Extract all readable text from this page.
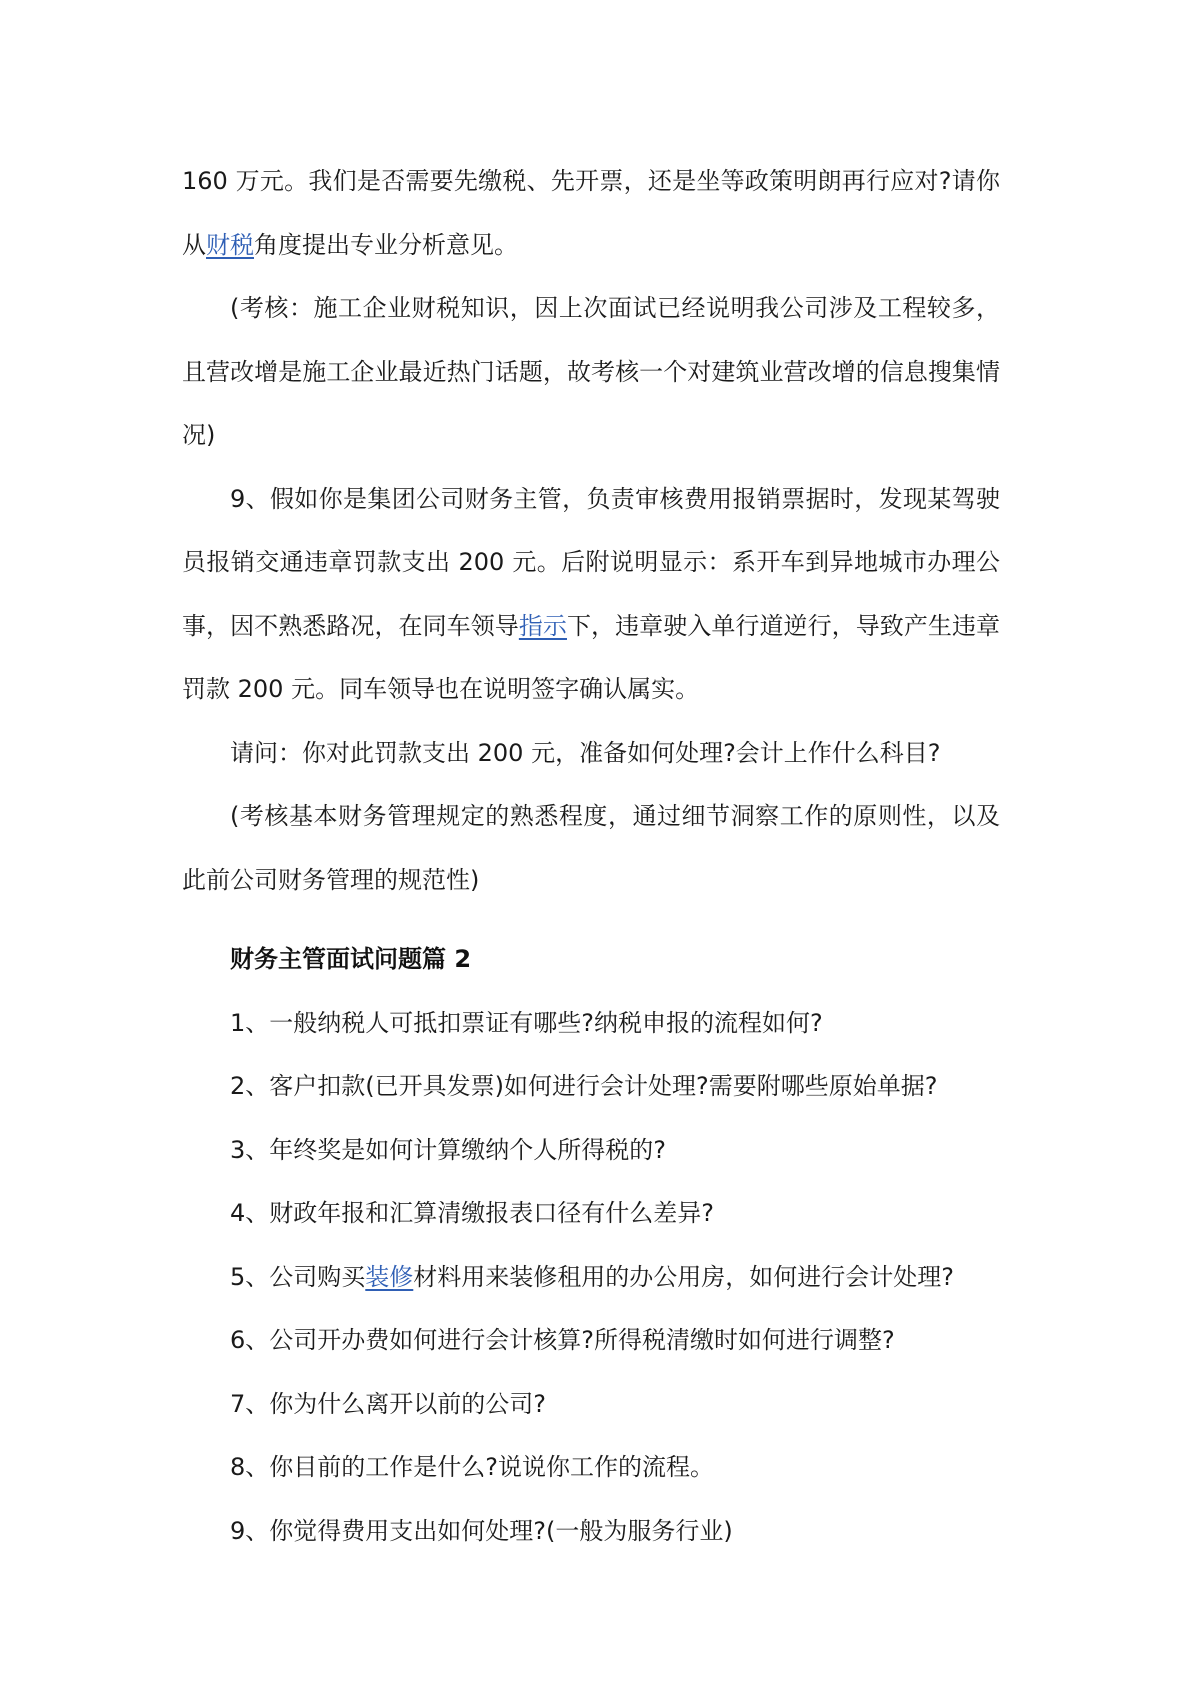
160 万元。我们是否需要先缴税、先开票，还是坐等政策明朗再行应对?请你从财税角度提出专业分析意见。

(考核：施工企业财税知识，因上次面试已经说明我公司涉及工程较多，且营改增是施工企业最近热门话题，故考核一个对建筑业营改增的信息搜集情况)

9、假如你是集团公司财务主管，负责审核费用报销票据时，发现某驾驶员报销交通违章罚款支出 200 元。后附说明显示：系开车到异地城市办理公事，因不熟悉路况，在同车领导指示下，违章驶入单行道逆行，导致产生违章罚款 200 元。同车领导也在说明签字确认属实。

请问：你对此罚款支出 200 元，准备如何处理?会计上作什么科目?

(考核基本财务管理规定的熟悉程度，通过细节洞察工作的原则性，以及此前公司财务管理的规范性)

财务主管面试问题篇 2

1、一般纳税人可抵扣票证有哪些?纳税申报的流程如何?

2、客户扣款(已开具发票)如何进行会计处理?需要附哪些原始单据?

3、年终奖是如何计算缴纳个人所得税的?

4、财政年报和汇算清缴报表口径有什么差异?

5、公司购买装修材料用来装修租用的办公用房，如何进行会计处理?

6、公司开办费如何进行会计核算?所得税清缴时如何进行调整?

7、你为什么离开以前的公司?

8、你目前的工作是什么?说说你工作的流程。

9、你觉得费用支出如何处理?(一般为服务行业)
